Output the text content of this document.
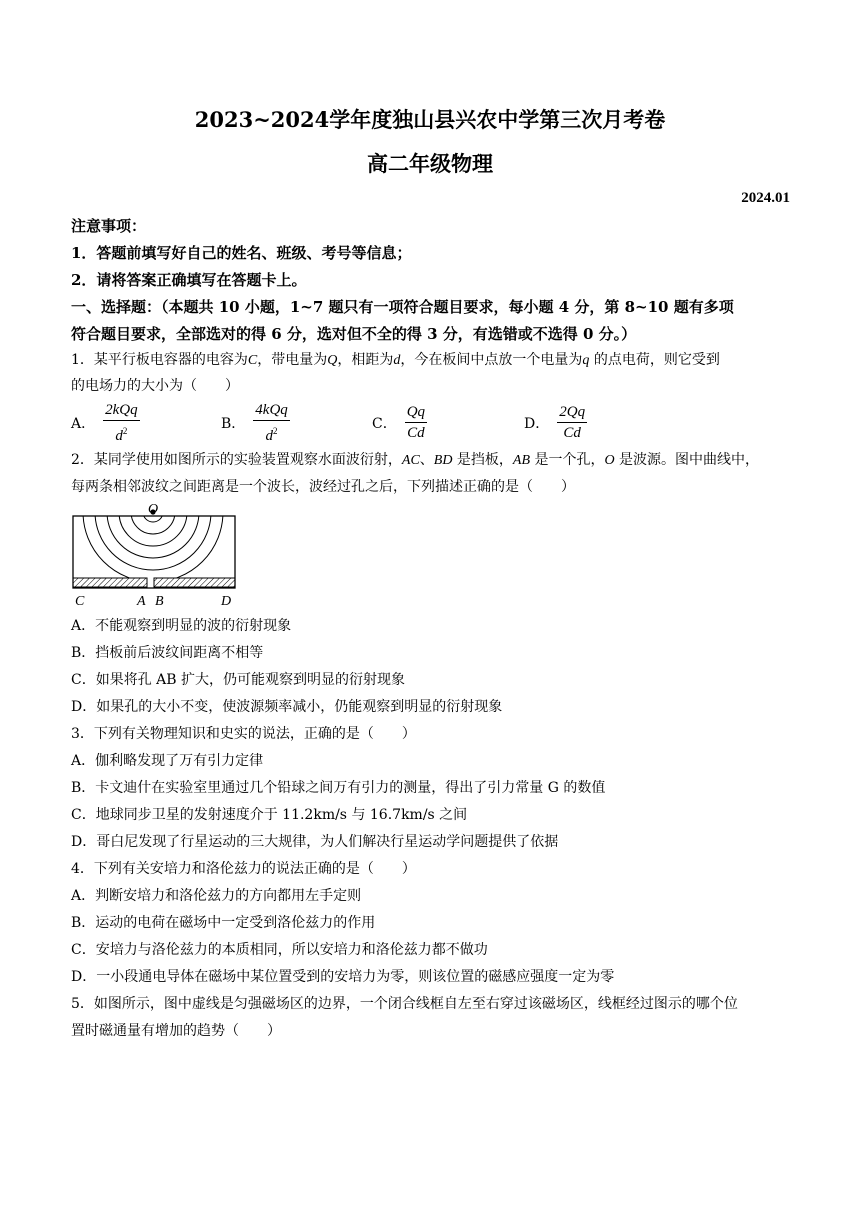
2023~2024学年度独山县兴农中学第三次月考卷
高二年级物理
2024.01
注意事项：
1．答题前填写好自己的姓名、班级、考号等信息；
2．请将答案正确填写在答题卡上。
一、选择题：（本题共 10 小题，1~7 题只有一项符合题目要求，每小题 4 分，第 8~10 题有多项
符合题目要求，全部选对的得 6 分，选对但不全的得 3 分，有选错或不选得 0 分。）
1．某平行板电容器的电容为C，带电量为Q，相距为d，今在板间中点放一个电量为q 的点电荷，则它受到
的电场力的大小为（　　）
A． $\frac{\text{2kQq}}{d^2}$	B． $\frac{\text{4kQq}}{d^2}$	C． $\frac{Qq}{Cd}$	D． $\frac{2Qq}{Cd}$
2．某同学使用如图所示的实验装置观察水面波衍射，AC、BD 是挡板，AB 是一个孔，O 是波源。图中曲线中，
每两条相邻波纹之间距离是一个波长，波经过孔之后，下列描述正确的是（　　）
O
C	A B	D
A．不能观察到明显的波的衍射现象
B．挡板前后波纹间距离不相等
C．如果将孔 AB 扩大，仍可能观察到明显的衍射现象
D．如果孔的大小不变，使波源频率减小，仍能观察到明显的衍射现象
3．下列有关物理知识和史实的说法，正确的是（　　）
A．伽利略发现了万有引力定律
B．卡文迪什在实验室里通过几个铅球之间万有引力的测量，得出了引力常量 G 的数值
C．地球同步卫星的发射速度介于 11.2km/s 与 16.7km/s 之间
D．哥白尼发现了行星运动的三大规律，为人们解决行星运动学问题提供了依据
4．下列有关安培力和洛伦兹力的说法正确的是（　　）
A．判断安培力和洛伦兹力的方向都用左手定则
B．运动的电荷在磁场中一定受到洛伦兹力的作用
C．安培力与洛伦兹力的本质相同，所以安培力和洛伦兹力都不做功
D．一小段通电导体在磁场中某位置受到的安培力为零，则该位置的磁感应强度一定为零
5．如图所示，图中虚线是匀强磁场区的边界，一个闭合线框自左至右穿过该磁场区，线框经过图示的哪个位
置时磁通量有增加的趋势（　　）
